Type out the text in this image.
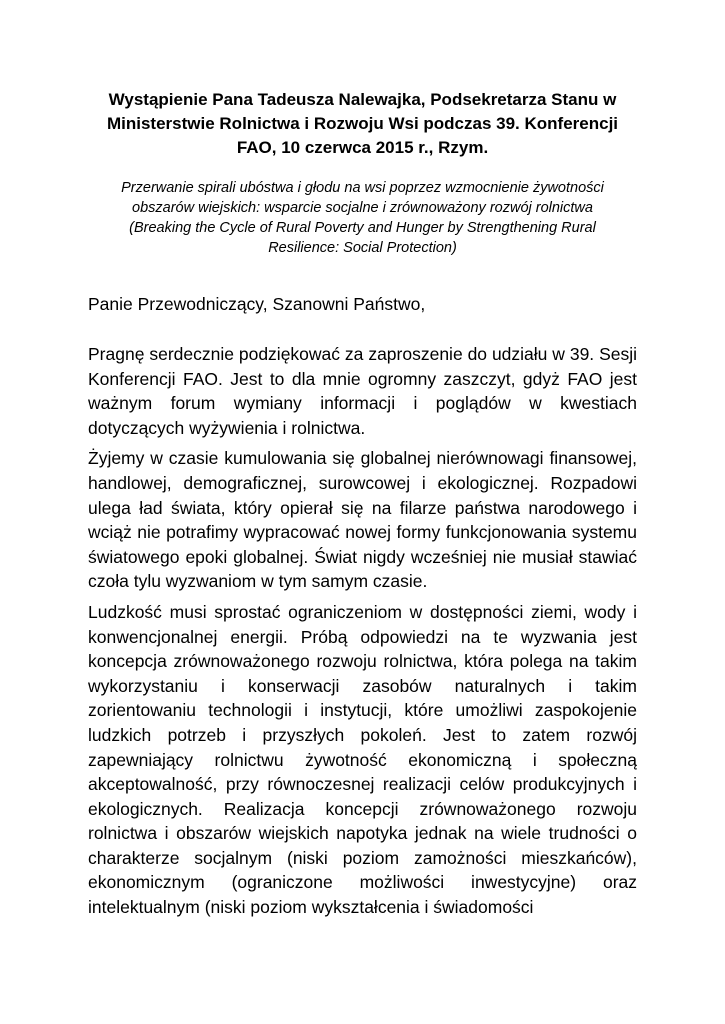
Wystąpienie Pana Tadeusza Nalewajka, Podsekretarza Stanu w Ministerstwie Rolnictwa i Rozwoju Wsi podczas 39. Konferencji FAO, 10 czerwca 2015 r., Rzym.
Przerwanie spirali ubóstwa i głodu na wsi poprzez wzmocnienie żywotności obszarów wiejskich: wsparcie socjalne i zrównoważony rozwój rolnictwa
(Breaking the Cycle of Rural Poverty and Hunger by Strengthening Rural Resilience: Social Protection)

Panie Przewodniczący, Szanowni Państwo,

Pragnę serdecznie podziękować za zaproszenie do udziału w 39. Sesji Konferencji FAO. Jest to dla mnie ogromny zaszczyt, gdyż FAO jest ważnym forum wymiany informacji i poglądów w kwestiach dotyczących wyżywienia i rolnictwa.

Żyjemy w czasie kumulowania się globalnej nierównowagi finansowej, handlowej, demograficznej, surowcowej i ekologicznej. Rozpadowi ulega ład świata, który opierał się na filarze państwa narodowego i wciąż nie potrafimy wypracować nowej formy funkcjonowania systemu światowego epoki globalnej. Świat nigdy wcześniej nie musiał stawiać czoła tylu wyzwaniom w tym samym czasie.

Ludzkość musi sprostać ograniczeniom w dostępności ziemi, wody i konwencjonalnej energii. Próbą odpowiedzi na te wyzwania jest koncepcja zrównoważonego rozwoju rolnictwa, która polega na takim wykorzystaniu i konserwacji zasobów naturalnych i takim zorientowaniu technologii i instytucji, które umożliwi zaspokojenie ludzkich potrzeb i przyszłych pokoleń. Jest to zatem rozwój zapewniający rolnictwu żywotność ekonomiczną i społeczną akceptowalność, przy równoczesnej realizacji celów produkcyjnych i ekologicznych. Realizacja koncepcji zrównoważonego rozwoju rolnictwa i obszarów wiejskich napotyka jednak na wiele trudności o charakterze socjalnym (niski poziom zamożności mieszkańców), ekonomicznym (ograniczone możliwości inwestycyjne) oraz intelektualnym (niski poziom wykształcenia i świadomości
